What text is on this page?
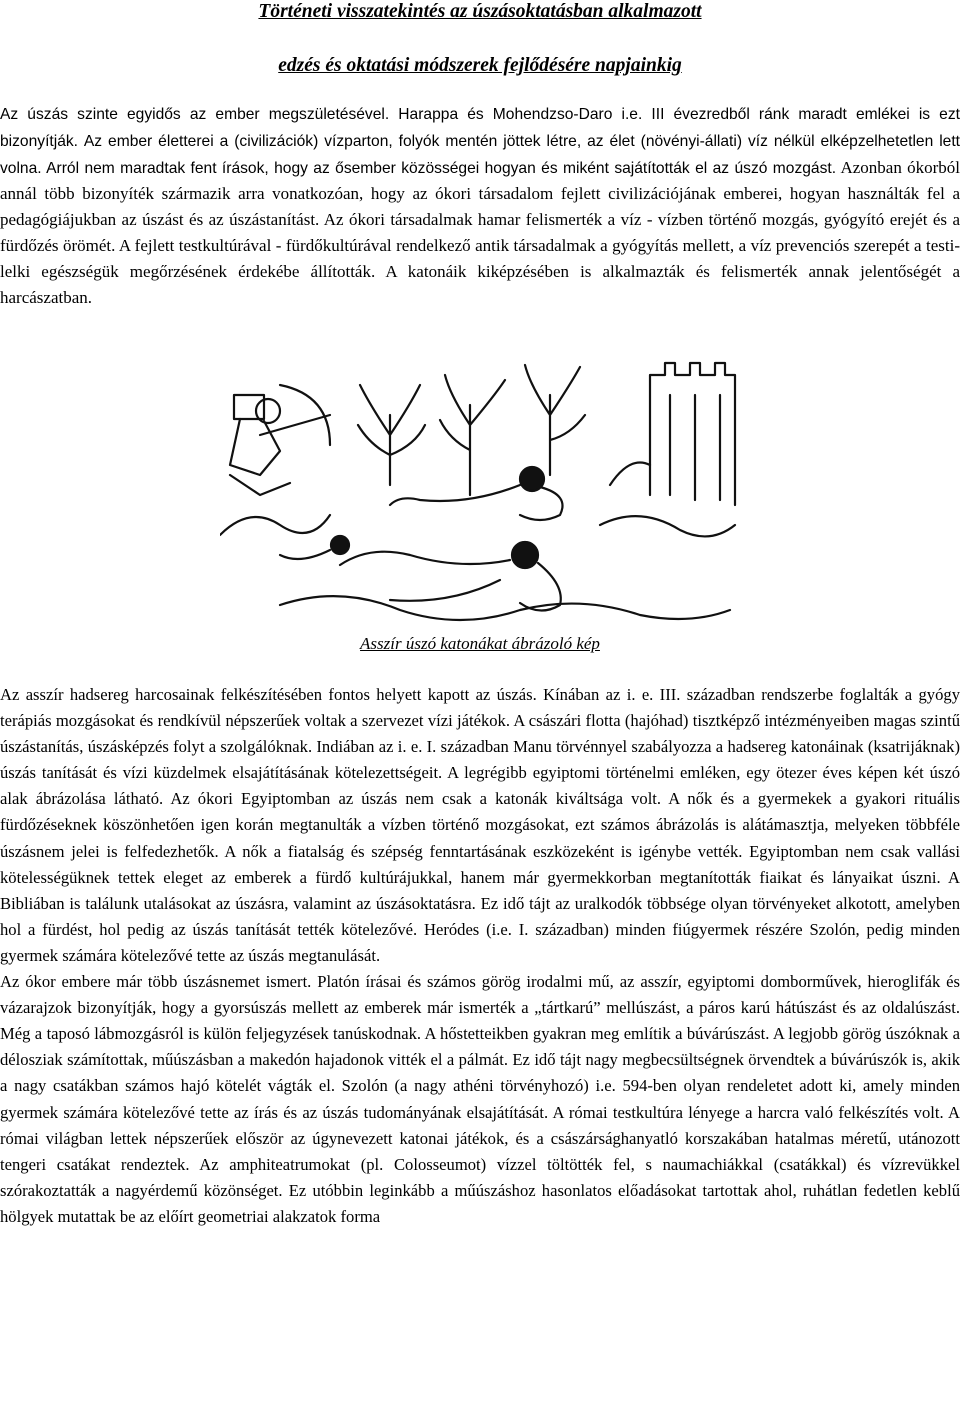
Történeti visszatekintés az úszásoktatásban alkalmazott
edzés és oktatási módszerek fejlődésére napjainkig
Az úszás szinte egyidős az ember megszületésével. Harappa és Mohendzso-Daro i.e. III évezredből ránk maradt emlékei is ezt bizonyítják. Az ember életterei a (civilizációk) vízparton, folyók mentén jöttek létre, az élet (növényi-állati) víz nélkül elképzelhetetlen lett volna. Arról nem maradtak fent írások, hogy az ősember közösségei hogyan és miként sajátították el az úszó mozgást. Azonban ókorból annál több bizonyíték származik arra vonatkozóan, hogy az ókori társadalom fejlett civilizációjának emberei, hogyan használták fel a pedagógiájukban az úszást és az úszástanítást. Az ókori társadalmak hamar felismerték a víz - vízben történő mozgás, gyógyító erejét és a fürdőzés örömét. A fejlett testkultúrával - fürdőkultúrával rendelkező antik társadalmak a gyógyítás mellett, a víz prevenciós szerepét a testi-lelki egészségük megőrzésének érdekébe állították. A katonáik kiképzésében is alkalmazták és felismerték annak jelentőségét a harcászatban.
Asszír úszó katonákat ábrázoló kép
Az asszír hadsereg harcosainak felkészítésében fontos helyett kapott az úszás. Kínában az i. e. III. században rendszerbe foglalták a gyógy terápiás mozgásokat és rendkívül népszerűek voltak a szervezet vízi játékok. A császári flotta (hajóhad) tisztképző intézményeiben magas szintű úszástanítás, úszásképzés folyt a szolgálóknak. Indiában az i. e. I. században Manu törvénnyel szabályozza a hadsereg katonáinak (ksatrijáknak) úszás tanítását és vízi küzdelmek elsajátításának kötelezettségeit. A legrégibb egyiptomi történelmi emléken, egy ötezer éves képen két úszó alak ábrázolása látható. Az ókori Egyiptomban az úszás nem csak a katonák kiváltsága volt. A nők és a gyermekek a gyakori rituális fürdőzéseknek köszönhetően igen korán megtanulták a vízben történő mozgásokat, ezt számos ábrázolás is alátámasztja, melyeken többféle úszásnem jelei is felfedezhetők. A nők a fiatalság és szépség fenntartásának eszközeként is igénybe vették. Egyiptomban nem csak vallási kötelességüknek tettek eleget az emberek a fürdő kultúrájukkal, hanem már gyermekkorban megtanították fiaikat és lányaikat úszni. A Bibliában is találunk utalásokat az úszásra, valamint az úszásoktatásra. Ez idő tájt az uralkodók többsége olyan törvényeket alkotott, amelyben hol a fürdést, hol pedig az úszás tanítását tették kötelezővé. Heródes (i.e. I. században) minden fiúgyermek részére Szolón, pedig minden gyermek számára kötelezővé tette az úszás megtanulását.
Az ókor embere már több úszásnemet ismert. Platón írásai és számos görög irodalmi mű, az asszír, egyiptomi domborművek, hieroglifák és vázarajzok bizonyítják, hogy a gyorsúszás mellett az emberek már ismerték a „tártkarú” mellúszást, a páros karú hátúszást és az oldalúszást. Még a taposó lábmozgásról is külön feljegyzések tanúskodnak. A hőstetteikben gyakran meg említik a búvárúszást. A legjobb görög úszóknak a délosziak számítottak, műúszásban a makedón hajadonok vitték el a pálmát. Ez idő tájt nagy megbecsültségnek örvendtek a búvárúszók is, akik a nagy csatákban számos hajó kötelét vágták el. Szolón (a nagy athéni törvényhozó) i.e. 594-ben olyan rendeletet adott ki, amely minden gyermek számára kötelezővé tette az írás és az úszás tudományának elsajátítását. A római testkultúra lényege a harcra való felkészítés volt. A római világban lettek népszerűek először az úgynevezett katonai játékok, és a császársághanyatló korszakában hatalmas méretű, utánozott tengeri csatákat rendeztek. Az amphiteatrumokat (pl. Colosseumot) vízzel töltötték fel, s naumachiákkal (csatákkal) és vízrevükkel szórakoztatták a nagyérdemű közönséget. Ez utóbbin leginkább a műúszáshoz hasonlatos előadásokat tartottak ahol, ruhátlan fedetlen keblű hölgyek mutattak be az előírt geometriai alakzatok forma
